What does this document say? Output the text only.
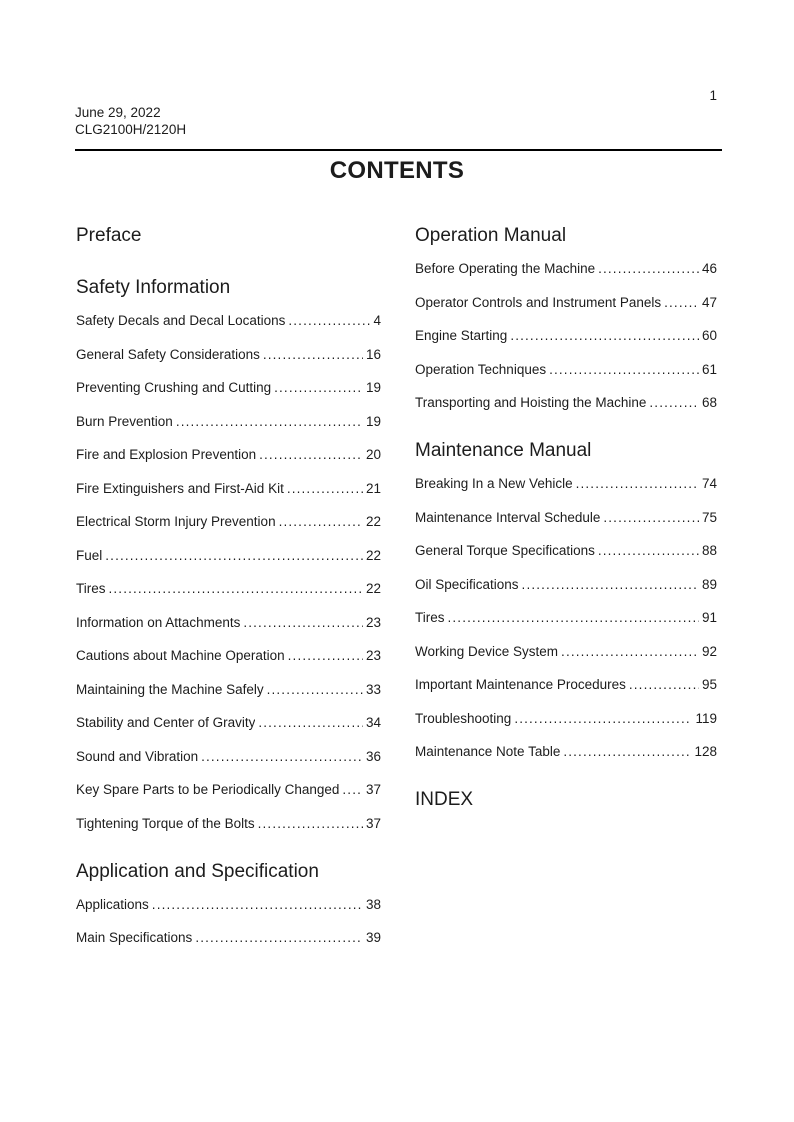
1
June 29, 2022
CLG2100H/2120H
CONTENTS
Preface
Safety Information
Safety Decals and Decal Locations .....	4
General Safety Considerations .....	16
Preventing Crushing and Cutting .....	19
Burn Prevention .....	19
Fire and Explosion Prevention .....	20
Fire Extinguishers and First-Aid Kit .....	21
Electrical Storm Injury Prevention .....	22
Fuel .....	22
Tires .....	22
Information on Attachments .....	23
Cautions about Machine Operation .....	23
Maintaining the Machine Safely .....	33
Stability and Center of Gravity .....	34
Sound and Vibration .....	36
Key Spare Parts to be Periodically Changed ..... 37
Tightening Torque of the Bolts .....	37
Application and Specification
Applications .....	38
Main Specifications .....	39
Operation Manual
Before Operating the Machine .....	46
Operator Controls and Instrument Panels .....	47
Engine Starting .....	60
Operation Techniques .....	61
Transporting and Hoisting the Machine .....	68
Maintenance Manual
Breaking In a New Vehicle .....	74
Maintenance Interval Schedule .....	75
General Torque Specifications .....	88
Oil Specifications .....	89
Tires .....	91
Working Device System .....	92
Important Maintenance Procedures .....	95
Troubleshooting .....	119
Maintenance Note Table .....	128
INDEX
